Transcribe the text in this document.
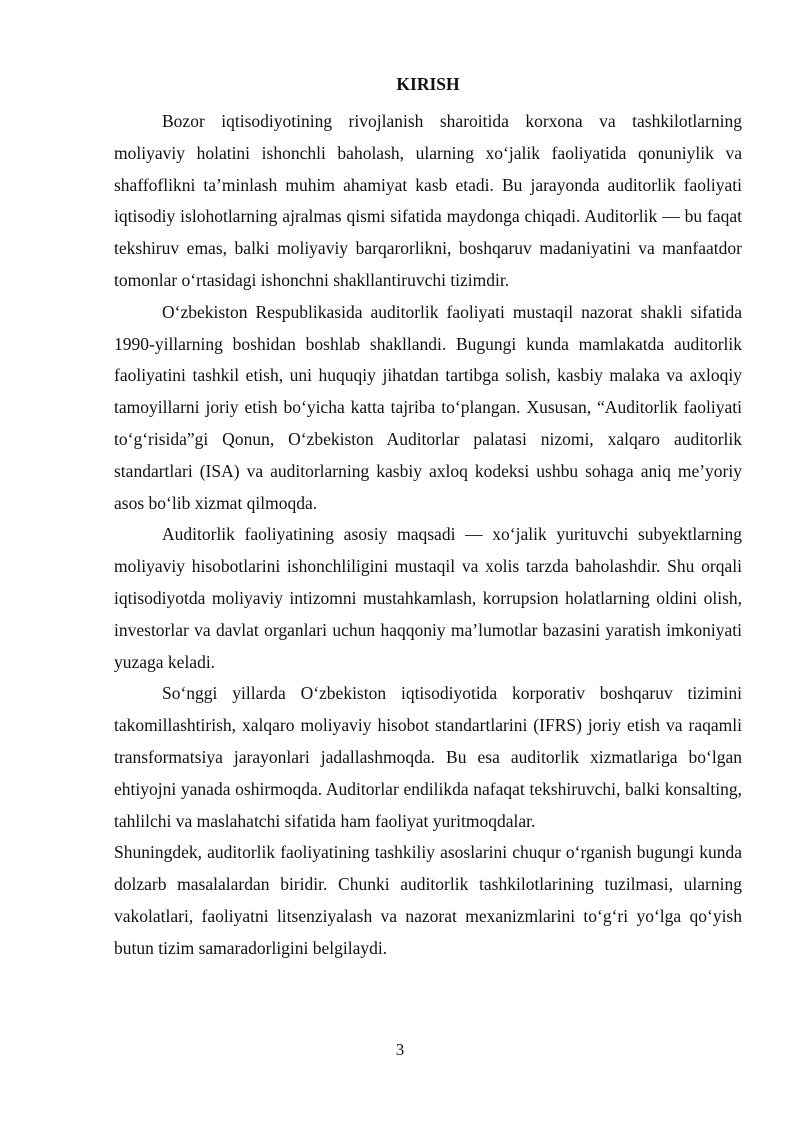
KIRISH

Bozor iqtisodiyotining rivojlanish sharoitida korxona va tashkilotlarning moliyaviy holatini ishonchli baholash, ularning xo‘jalik faoliyatida qonuniylik va shaffoflikni ta’minlash muhim ahamiyat kasb etadi. Bu jarayonda auditorlik faoliyati iqtisodiy islohotlarning ajralmas qismi sifatida maydonga chiqadi. Auditorlik — bu faqat tekshiruv emas, balki moliyaviy barqarorlikni, boshqaruv madaniyatini va manfaatdor tomonlar o‘rtasidagi ishonchni shakllantiruvchi tizimdir.

O‘zbekiston Respublikasida auditorlik faoliyati mustaqil nazorat shakli sifatida 1990-yillarning boshidan boshlab shakllandi. Bugungi kunda mamlakatda auditorlik faoliyatini tashkil etish, uni huquqiy jihatdan tartibga solish, kasbiy malaka va axloqiy tamoyillarni joriy etish bo‘yicha katta tajriba to‘plangan. Xususan, “Auditorlik faoliyati to‘g‘risida”gi Qonun, O‘zbekiston Auditorlar palatasi nizomi, xalqaro auditorlik standartlari (ISA) va auditorlarning kasbiy axloq kodeksi ushbu sohaga aniq me’yoriy asos bo‘lib xizmat qilmoqda.

Auditorlik faoliyatining asosiy maqsadi — xo‘jalik yurituvchi subyektlarning moliyaviy hisobotlarini ishonchliligini mustaqil va xolis tarzda baholashdir. Shu orqali iqtisodiyotda moliyaviy intizomni mustahkamlash, korrupsion holatlarning oldini olish, investorlar va davlat organlari uchun haqqoniy ma’lumotlar bazasini yaratish imkoniyati yuzaga keladi.

So‘nggi yillarda O‘zbekiston iqtisodiyotida korporativ boshqaruv tizimini takomillashtirish, xalqaro moliyaviy hisobot standartlarini (IFRS) joriy etish va raqamli transformatsiya jarayonlari jadallashmoqda. Bu esa auditorlik xizmatlariga bo‘lgan ehtiyojni yanada oshirmoqda. Auditorlar endilikda nafaqat tekshiruvchi, balki konsalting, tahlilchi va maslahatchi sifatida ham faoliyat yuritmoqdalar.

Shuningdek, auditorlik faoliyatining tashkiliy asoslarini chuqur o‘rganish bugungi kunda dolzarb masalalardan biridir. Chunki auditorlik tashkilotlarining tuzilmasi, ularning vakolatlari, faoliyatni litsenziyalash va nazorat mexanizmlarini to‘g‘ri yo‘lga qo‘yish butun tizim samaradorligini belgilaydi.

3
